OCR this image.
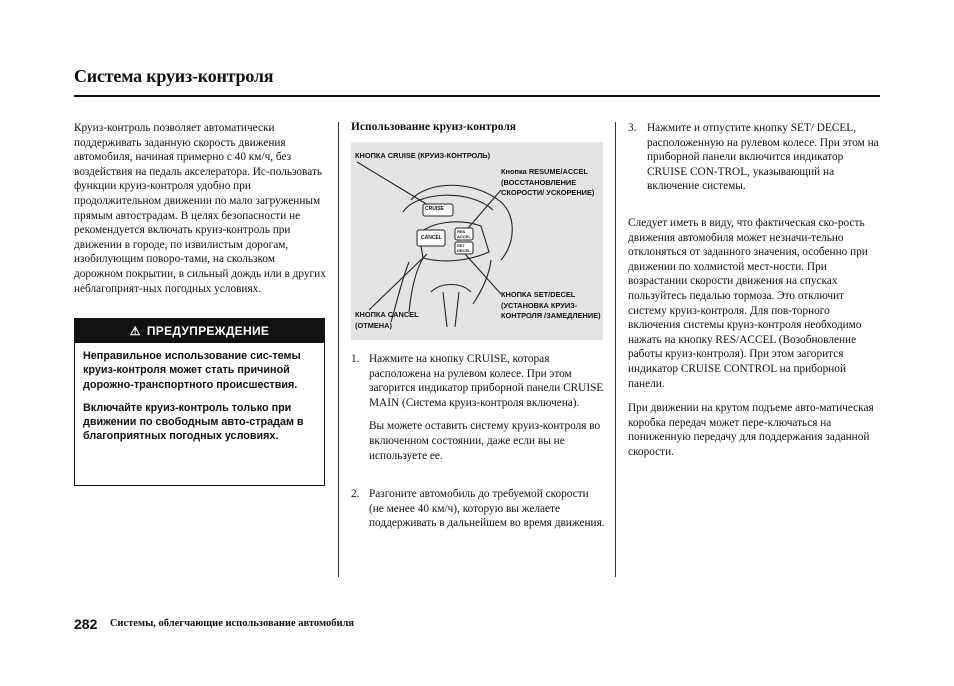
Система круиз-контроля

Круиз-контроль позволяет автоматически поддерживать заданную скорость движения автомобиля, начиная примерно с 40 км/ч, без воздействия на педаль акселератора. Ис-пользовать функции круиз-контроля удобно при продолжительном движении по мало загруженным прямым автострадам. В целях безопасности не рекомендуется включать круиз-контроль при движении в городе, по извилистым дорогам, изобилующим поворо-тами, на скользком дорожном покрытии, в сильный дождь или в других неблагоприят-ных погодных условиях.

⚠ ПРЕДУПРЕЖДЕНИЕ

Неправильное использование сис-темы круиз-контроля может стать причиной дорожно-транспортного происшествия.

Включайте круиз-контроль только при движении по свободным авто-страдам в благоприятных погодных условиях.

Использование круиз-контроля
CRUISE
CANCEL
RES ACCEL
SET DECEL
КНОПКА CRUISE (КРУИЗ-КОНТРОЛЬ)
Кнопка RESUME/ACCEL (ВОССТАНОВЛЕНИЕ СКОРОСТИ/ УСКОРЕНИЕ)
КНОПКА CANCEL (ОТМЕНА)
КНОПКА SET/DECEL (УСТАНОВКА КРУИЗ-КОНТРОЛЯ /ЗАМЕДЛЕНИЕ)
1. Нажмите на кнопку CRUISE, которая расположена на рулевом колесе. При этом загорится индикатор приборной панели CRUISE MAIN (Система круиз-контроля включена).

Вы можете оставить систему круиз-контроля во включенном состоянии, даже если вы не используете ее.

2. Разгоните автомобиль до требуемой скорости (не менее 40 км/ч), которую вы желаете поддерживать в дальнейшем во время движения.

3. Нажмите и отпустите кнопку SET/ DECEL, расположенную на рулевом колесе. При этом на приборной панели включится индикатор CRUISE CON-TROL, указывающий на включение системы.

Следует иметь в виду, что фактическая ско-рость движения автомобиля может незначи-тельно отклоняться от заданного значения, особенно при движении по холмистой мест-ности. При возрастании скорости движения на спусках пользуйтесь педалью тормоза. Это отключит систему круиз-контроля. Для пов-торного включения системы круиз-контроля необходимо нажать на кнопку RES/ACCEL (Возобновление работы круиз-контроля). При этом загорится индикатор CRUISE CONTROL на приборной панели.

При движении на крутом подъеме авто-матическая коробка передач может пере-ключаться на пониженную передачу для поддержания заданной скорости.

282 Системы, облегчающие использование автомобиля
